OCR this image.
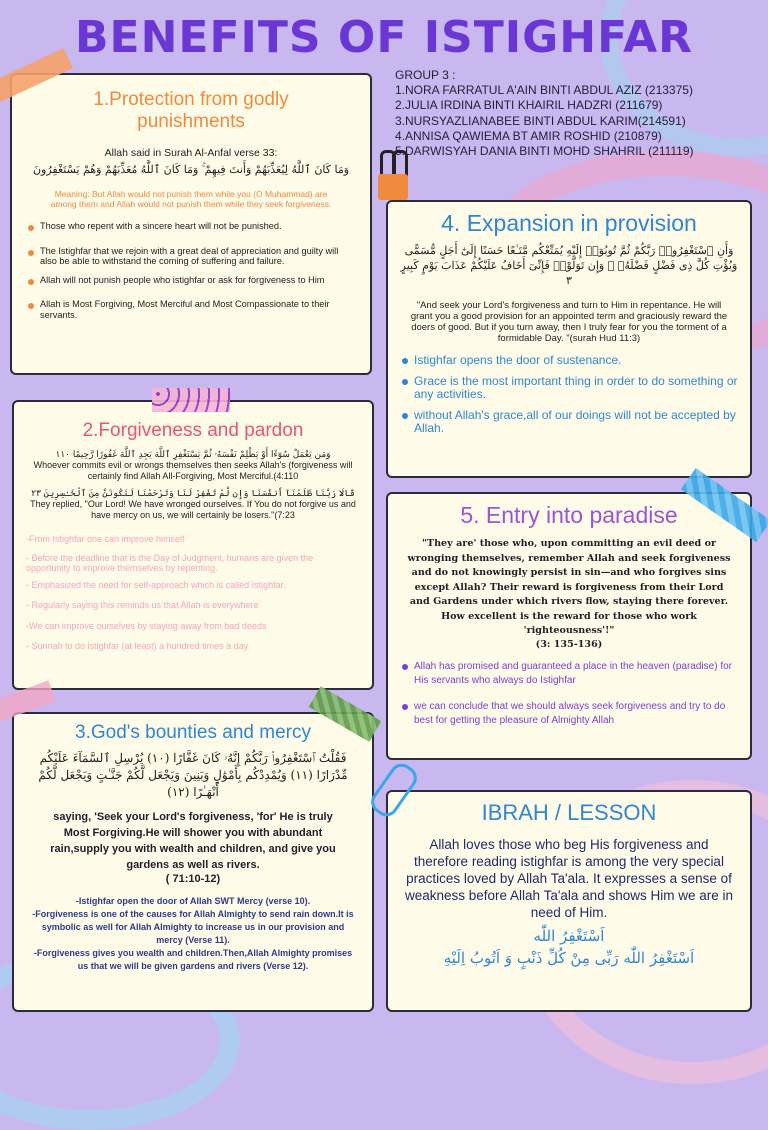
BENEFITS OF ISTIGHFAR
GROUP 3 :
1.NORA FARRATUL A'AIN BINTI ABDUL AZIZ (213375)
2.JULIA IRDINA BINTI KHAIRIL HADZRI (211679)
3.NURSYAZLIANABEE BINTI ABDUL KARIM(214591)
4.ANNISA QAWIEMA BT AMIR ROSHID (210879)
5.DARWISYAH DANIA BINTI MOHD SHAHRIL (211119)
1.Protection from godly punishments
Allah said in Surah Al-Anfal verse 33:
وَمَا كَانَ ٱللَّهُ لِيُعَذِّبَهُمْ وَأَنتَ فِيهِمْ ۚ وَمَا كَانَ ٱللَّهُ مُعَذِّبَهُمْ وَهُمْ يَسْتَغْفِرُونَ
Meaning: But Allah would not punish them while you (O Muhammad) are among them and Allah would not punish them while they seek forgiveness.
Those who repent with a sincere heart will not be punished.
The Istighfar that we rejoin with a great deal of appreciation and guilty will also be able to withstand the coming of suffering and failure.
Allah will not punish people who istighfar or ask for forgiveness to Him
Allah is Most Forgiving, Most Merciful and Most Compassionate to their servants.
2.Forgiveness and pardon
وَمَن يَعْمَلْ سُوٓءًا أَوْ يَظْلِمْ نَفْسَهُۥ ثُمَّ يَسْتَغْفِرِ ٱللَّهَ يَجِدِ ٱللَّهَ غَفُورًا رَّحِيمًا ١١٠
Whoever commits evil or wrongs themselves then seeks Allah's (forgiveness will certainly find Allah All-Forgiving, Most Merciful.(4:110
قَالَا رَبَّنَا ظَلَمْنَآ أَنفُسَنَا وَإِن لَّمْ تَغْفِرْ لَنَا وَتَرْحَمْنَا لَنَكُونَنَّ مِنَ ٱلْخَـٰسِرِينَ ٢٣
They replied, "Our Lord! We have wronged ourselves. If You do not forgive us and have mercy on us, we will certainly be losers."(7:23
-From Istighfar one can improve himself
- Before the deadline that is the Day of Judgment, humans are given the opportunity to improve themselves by repenting.
- Emphasized the need for self-approach which is called Istighfar.
- Regularly saying this reminds us that Allah is everywhere
-We can improve ourselves by staying away from bad deeds
- Sunnah to do istighfar (at least) a hundred times a day
3.God's bounties and mercy
فَقُلْتُ ٱسْتَغْفِرُوا۟ رَبَّكُمْ إِنَّهُۥ كَانَ غَفَّارًا (١٠) يُرْسِلِ ٱلسَّمَآءَ عَلَيْكُم مِّدْرَارًا (١١) وَيُمْدِدْكُم بِأَمْوَٰلٍ وَبَنِينَ وَيَجْعَل لَّكُمْ جَنَّـٰتٍ وَيَجْعَل لَّكُمْ أَنْهَـٰرًا (١٢)
saying, 'Seek your Lord's forgiveness, 'for' He is truly Most Forgiving.He will shower you with abundant rain,supply you with wealth and children, and give you gardens as well as rivers.
( 71:10-12)
-Istighfar open the door of Allah SWT Mercy (verse 10).
-Forgiveness is one of the causes for Allah Almighty to send rain down.It is symbolic as well for Allah Almighty to increase us in our provision and mercy (Verse 11).
-Forgiveness gives you wealth and children.Then,Allah Almighty promises us that we will be given gardens and rivers (Verse 12).
4. Expansion in provision
وَأَنِ ٱسْتَغْفِرُوا۟ رَبَّكُمْ ثُمَّ تُوبُوٓا۟ إِلَيْهِ يُمَتِّعْكُم مَّتَـٰعًا حَسَنًا إِلَىٰٓ أَجَلٍ مُّسَمًّى وَيُؤْتِ كُلَّ ذِى فَضْلٍ فَضْلَهُۥ ۖ وَإِن تَوَلَّوْا۟ فَإِنِّىٓ أَخَافُ عَلَيْكُمْ عَذَابَ يَوْمٍ كَبِيرٍ ٣
"And seek your Lord's forgiveness and turn to Him in repentance. He will grant you a good provision for an appointed term and graciously reward the doers of good. But if you turn away, then I truly fear for you the torment of a formidable Day. "(surah Hud 11:3)
Istighfar opens the door of sustenance.
Grace is the most important thing in order to do something or any activities.
without Allah's grace,all of our doings will not be accepted by Allah.
5. Entry into paradise
"They are' those who, upon committing an evil deed or wronging themselves, remember Allah and seek forgiveness and do not knowingly persist in sin—and who forgives sins except Allah? Their reward is forgiveness from their Lord and Gardens under which rivers flow, staying there forever. How excellent is the reward for those who work 'righteousness'!"
(3: 135-136)
Allah has promised and guaranteed a place in the heaven (paradise) for His servants who always do Istighfar
we can conclude that we should always seek forgiveness and try to do best for getting the pleasure of Almighty Allah
IBRAH / LESSON
Allah loves those who beg His forgiveness and therefore reading istighfar is among the very special practices loved by Allah Ta'ala. It expresses a sense of weakness before Allah Ta'ala and shows Him we are in need of Him.
اَسْتَغْفِرُ اللّٰه
اَسْتَغْفِرُ اللّٰه رَبِّى مِنْ كُلِّ ذَنْبٍ وَ اَتُوبُ اِلَيْهِ
